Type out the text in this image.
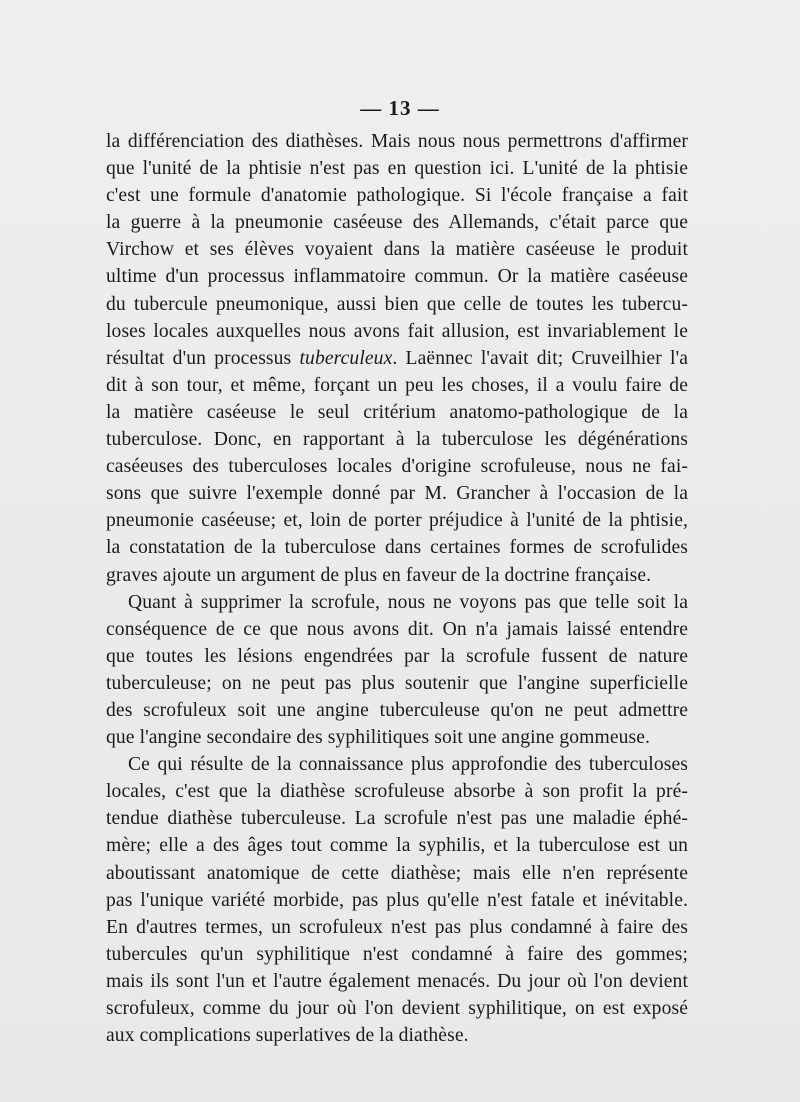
— 13 —
la différenciation des diathèses. Mais nous nous permettrons d'affirmer
que l'unité de la phtisie n'est pas en question ici. L'unité de la phtisie
c'est une formule d'anatomie pathologique. Si l'école française a fait
la guerre à la pneumonie caséeuse des Allemands, c'était parce que
Virchow et ses élèves voyaient dans la matière caséeuse le produit
ultime d'un processus inflammatoire commun. Or la matière caséeuse
du tubercule pneumonique, aussi bien que celle de toutes les tubercu-
loses locales auxquelles nous avons fait allusion, est invariablement le
résultat d'un processus tuberculeux. Laënnec l'avait dit; Cruveilhier l'a
dit à son tour, et même, forçant un peu les choses, il a voulu faire de
la matière caséeuse le seul critérium anatomo-pathologique de la
tuberculose. Donc, en rapportant à la tuberculose les dégénérations
caséeuses des tuberculoses locales d'origine scrofuleuse, nous ne fai-
sons que suivre l'exemple donné par M. Grancher à l'occasion de la
pneumonie caséeuse; et, loin de porter préjudice à l'unité de la phtisie,
la constatation de la tuberculose dans certaines formes de scrofulides
graves ajoute un argument de plus en faveur de la doctrine française.
Quant à supprimer la scrofule, nous ne voyons pas que telle soit la
conséquence de ce que nous avons dit. On n'a jamais laissé entendre
que toutes les lésions engendrées par la scrofule fussent de nature
tuberculeuse; on ne peut pas plus soutenir que l'angine superficielle
des scrofuleux soit une angine tuberculeuse qu'on ne peut admettre
que l'angine secondaire des syphilitiques soit une angine gommeuse.
Ce qui résulte de la connaissance plus approfondie des tuberculoses
locales, c'est que la diathèse scrofuleuse absorbe à son profit la pré-
tendue diathèse tuberculeuse. La scrofule n'est pas une maladie éphé-
mère; elle a des âges tout comme la syphilis, et la tuberculose est un
aboutissant anatomique de cette diathèse; mais elle n'en représente
pas l'unique variété morbide, pas plus qu'elle n'est fatale et inévitable.
En d'autres termes, un scrofuleux n'est pas plus condamné à faire des
tubercules qu'un syphilitique n'est condamné à faire des gommes;
mais ils sont l'un et l'autre également menacés. Du jour où l'on devient
scrofuleux, comme du jour où l'on devient syphilitique, on est exposé
aux complications superlatives de la diathèse.
